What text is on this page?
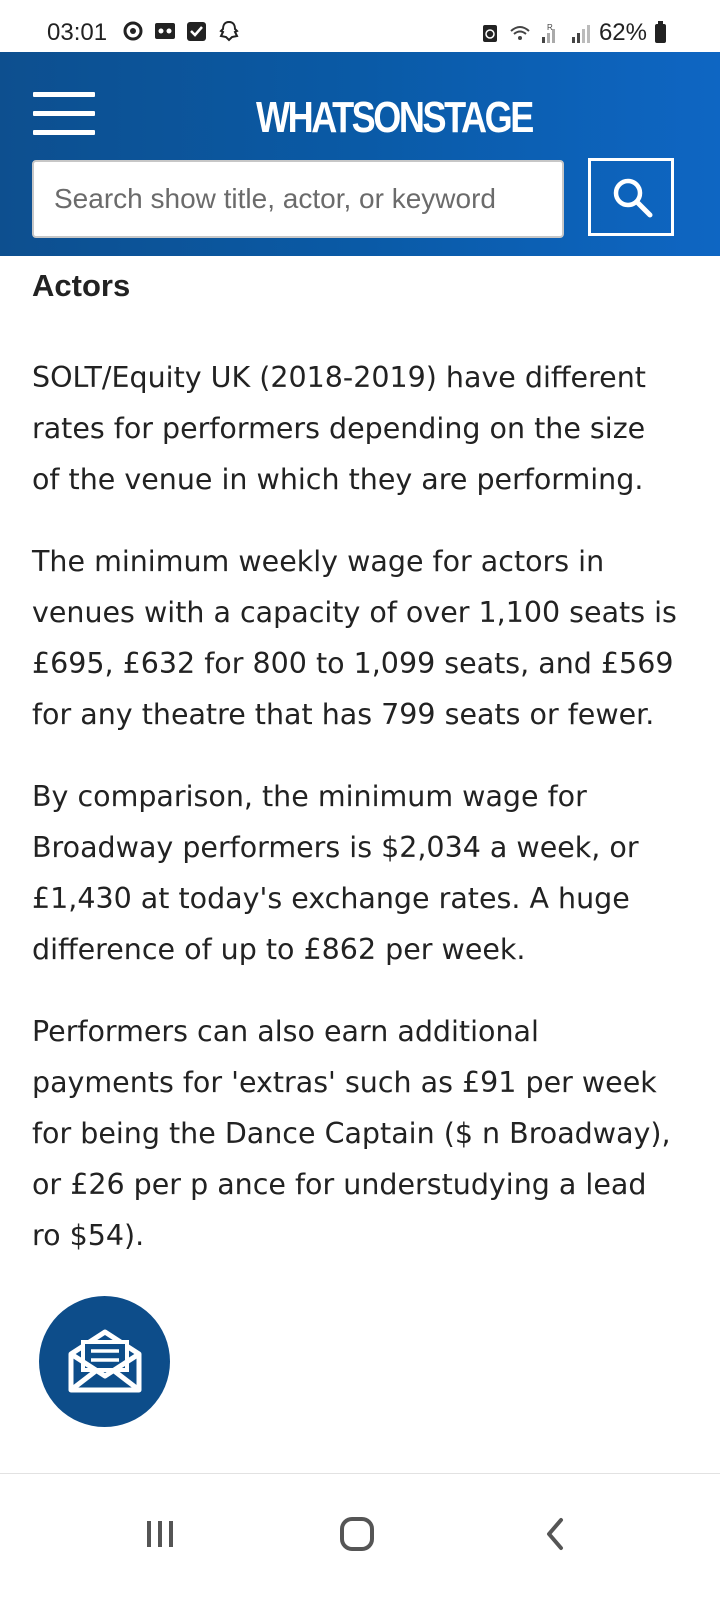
03:01	R 62%
WHATSONSTAGE
Search show title, actor, or keyword
Actors

SOLT/Equity UK (2018-2019) have different rates for performers depending on the size of the venue in which they are performing.

The minimum weekly wage for actors in venues with a capacity of over 1,100 seats is £695, £632 for 800 to 1,099 seats, and £569 for any theatre that has 799 seats or fewer.

By comparison, the minimum wage for Broadway performers is $2,034 a week, or £1,430 at today's exchange rates. A huge difference of up to £862 per week.

Performers can also earn additional payments for 'extras' such as £91 per week for being the Dance Captain ($ n Broadway), or £26 per p ance for understudying a lead ro $54).
